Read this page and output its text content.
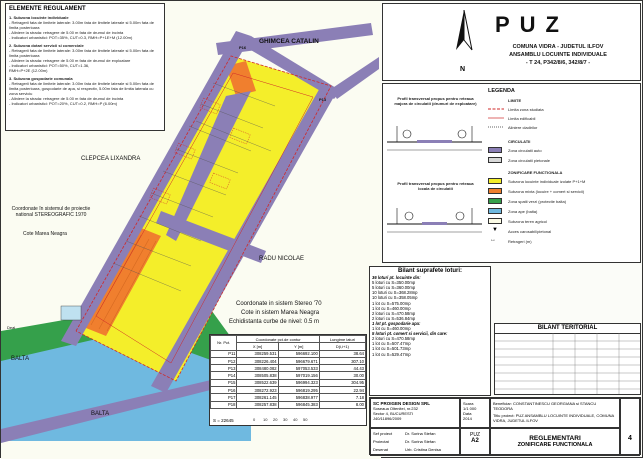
GHIMCEA CATALIN
CLEPCEA LIXANDRA
RADU NICOLAE
BALTA
BALTA
Deal
P13
P16
Coordonate în sistemul de proiectie national STEREOGRAFIC 1970
Cote Marea Neagra
Coordonate in sistem Stereo '70
Cote in sistem Marea Neagra
Echidistanta curbe de nivel: 0.5 m
ELEMENTE REGULAMENT
1. Subzona locuinte individuale
- Retragerii fata de limitele laterale: 3.00m fata de limitele laterale si 5.00m fata de limita posterioara
- Aliniere la strada: retragere de 5.00 m fata de drumul de incinta
- Indicatori urbanistici: POT=35%, CUT=0.3, RMH=P+1E+M (12.00m)
2. Subzona dotari servicii si comerciale
- Retragerii fata de limitele laterale: 3.00m fata de limitele laterale si 5.00m fata de limita posterioara
- Aliniere la strada: retragere de 5.00 m fata de drumul de exploatare
- Indicatori urbanistici: POT=50%, CUT=1.36,
RMH=P+2E (12.00m)
3. Subzona gospodarie comunala
- Retragerii fata de limitele laterale: 3.00m fata de limitele laterale si 5.00m fata de limita posterioara, gospodarie de apa, si respectiv, 5.00m fata de limita laterala cu zona serviciu
- Aliniere la strada: retragere de 5.00 m fata de drumul de incinta
- Indicatori urbanistici: POT=20%, CUT=0.2, RMH=P (6.00m)
N
PUZ
COMUNA VIDRA - JUDETUL ILFOV
ANSAMBLU LOCUINTE INDIVIDUALE
- T 24, P342/8/6, 342/8/7 -
Profil transversal propus pentru reteaua majora de circulatii (drumuri de exploatare)
Profil transversal propus pentru reteaua locala de circulatii
LEGENDA
LIMITE
Limita zona studiata
Limita edificabil
Aliniere cladirilor
CIRCULATII
Zona circulatii auto
Zona circulatii pietonale
ZONIFICARE FUNCTIONALA
Subzona locuinte individuale izolate P+1+M
Subzona mixta (locuire + comert si servicii)
Zona spatii verzi (protectie balta)
Zona ape (balta)
Subzona teren agricol
▼	Acces carosabil/pietonal
↔	Retrageri (m)
Bilant suprafete loturi:
36 loturi pt. locuinte din:
5 loturi cu S=350.00mp
5 loturi cu S=360.00mp
10 loturi cu S=368.28mp
10 loturi cu S=358.05mp
1 lot cu S=575.00mp
1 lot cu S=460.00mp
2 loturi cu S=470.58mp
2 loturi cu S=536.84mp
1 lot pt. gospodarie apa:
1 lot cu S=460.00mp
5 loturi pt. comert si servicii, din care:
2 loturi cu S=470.58mp
1 lot cu S=507.47mp
1 lot cu S=501.73mp
1 lot cu S=529.47mp
BILANT TERITORIAL
Nr. Pct.	Coordonate pct.de contur		Lungime laturi
	X [m]	Y [m]	D(i,i+1)
P11	308259.531	596692.100	38.64
P12	308226.404	596679.671	307.10
P13	308480.082	597053.533	44.43
P14	308505.838	597019.156	30.00
P15	308522.639	596994.323	304.95
P16	308272.923	596819.295	22.94
P17	308261.145	596838.977	7.18
P18	308257.838	596845.383	8.00
S = 22645	0 10 20 30 40 50
SC PROIGEN DESIGN SRL
Soseaua Oltenitei, nr.232
Sector 4, BUCURESTI
J40/11896/2009
Sef proiect	Dr. Sorina Stefan
Proiectat	Dr. Sorina Stefan
Desenat	Urb. Cristina Denisa
Scara
1/1 000
Data
2014
PUZ
A2
Beneficiar: CONSTANTINESCU GEORGIANA si STANCU TEODORA
Titlu proiect: PUZ ANSAMBLU LOCUINTE INDIVIDUALE, COMUNA VIDRA, JUDETUL ILFOV
REGLEMENTARI
ZONIFICARE FUNCTIONALA
4
